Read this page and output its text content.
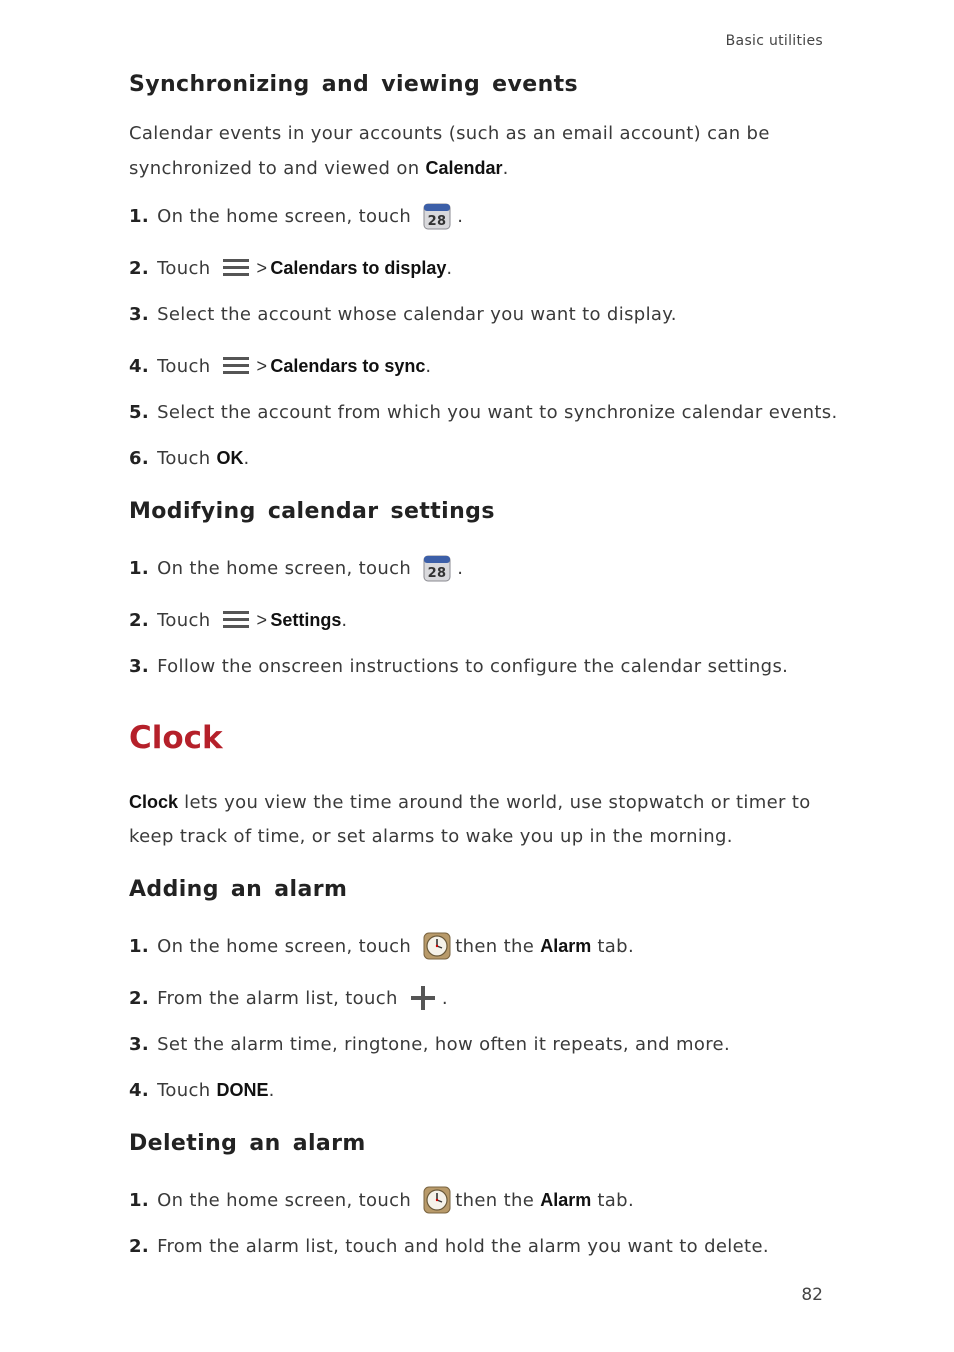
Basic utilities
Synchronizing and viewing events
Calendar events in your accounts (such as an email account) can be synchronized to and viewed on Calendar.
1. On the home screen, touch 28 .
2. Touch	> Calendars to display .
3. Select the account whose calendar you want to display.
4. Touch	> Calendars to sync .
5. Select the account from which you want to synchronize calendar events.
6. Touch OK .
Modifying calendar settings
1. On the home screen, touch 28 .
2. Touch	> Settings .
3. Follow the onscreen instructions to configure the calendar settings.
Clock
Clock lets you view the time around the world, use stopwatch or timer to keep track of time, or set alarms to wake you up in the morning.
Adding an alarm
1. On the home screen, touch then the Alarm tab.
2. From the alarm list, touch .
3. Set the alarm time, ringtone, how often it repeats, and more.
4. Touch DONE .
Deleting an alarm
1. On the home screen, touch then the Alarm tab.
2. From the alarm list, touch and hold the alarm you want to delete.
82
